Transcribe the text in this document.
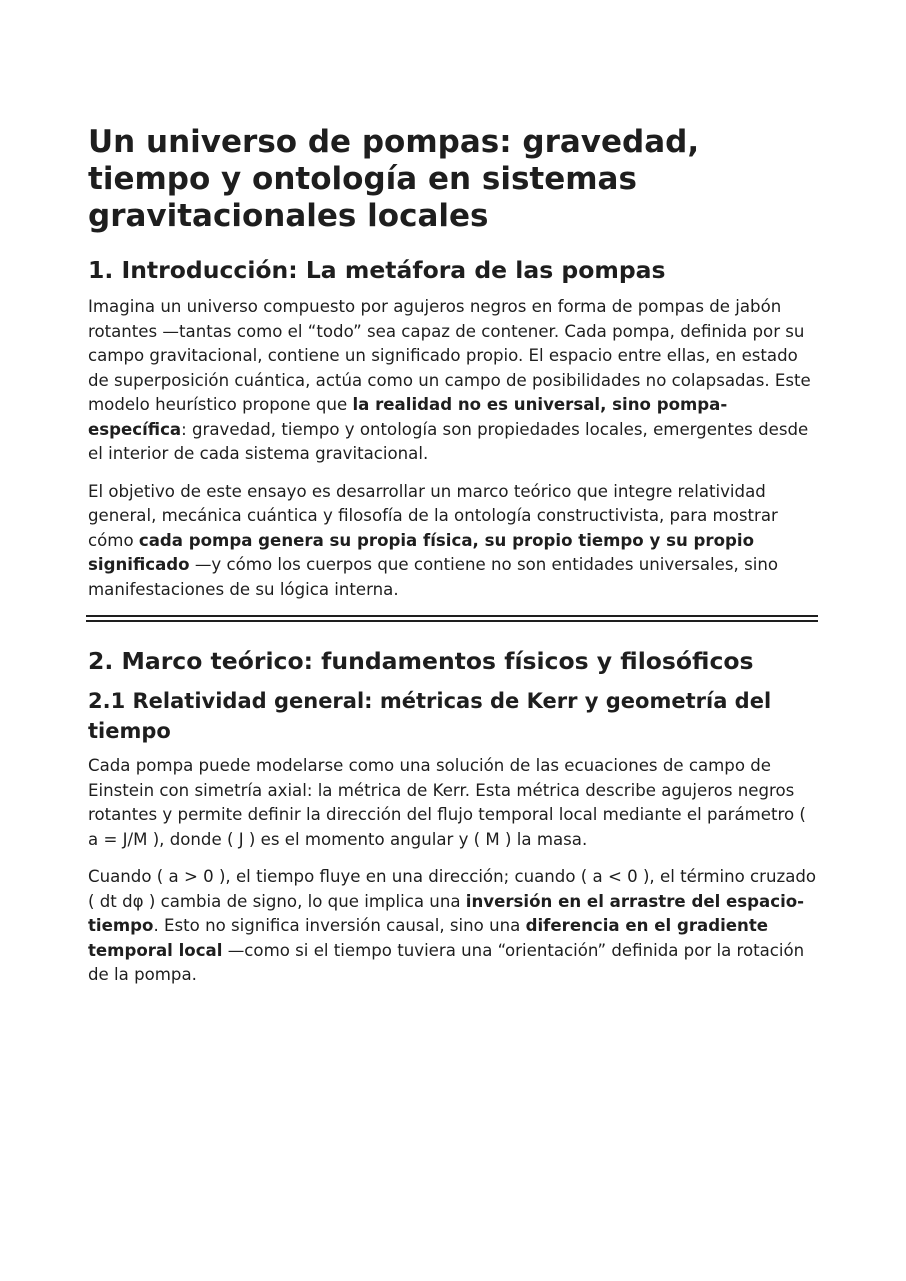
Un universo de pompas: gravedad, tiempo y ontología en sistemas gravitacionales locales
1. Introducción: La metáfora de las pompas

Imagina un universo compuesto por agujeros negros en forma de pompas de jabón rotantes —tantas como el “todo” sea capaz de contener. Cada pompa, definida por su campo gravitacional, contiene un significado propio. El espacio entre ellas, en estado de superposición cuántica, actúa como un campo de posibilidades no colapsadas. Este modelo heurístico propone que la realidad no es universal, sino pompa-específica: gravedad, tiempo y ontología son propiedades locales, emergentes desde el interior de cada sistema gravitacional.

El objetivo de este ensayo es desarrollar un marco teórico que integre relatividad general, mecánica cuántica y filosofía de la ontología constructivista, para mostrar cómo cada pompa genera su propia física, su propio tiempo y su propio significado —y cómo los cuerpos que contiene no son entidades universales, sino manifestaciones de su lógica interna.

2. Marco teórico: fundamentos físicos y filosóficos
2.1 Relatividad general: métricas de Kerr y geometría del tiempo

Cada pompa puede modelarse como una solución de las ecuaciones de campo de Einstein con simetría axial: la métrica de Kerr. Esta métrica describe agujeros negros rotantes y permite definir la dirección del flujo temporal local mediante el parámetro ( a = J/M ), donde ( J ) es el momento angular y ( M ) la masa.

Cuando ( a > 0 ), el tiempo fluye en una dirección; cuando ( a < 0 ), el término cruzado ( dt dφ ) cambia de signo, lo que implica una inversión en el arrastre del espacio-tiempo. Esto no significa inversión causal, sino una diferencia en el gradiente temporal local —como si el tiempo tuviera una “orientación” definida por la rotación de la pompa.
